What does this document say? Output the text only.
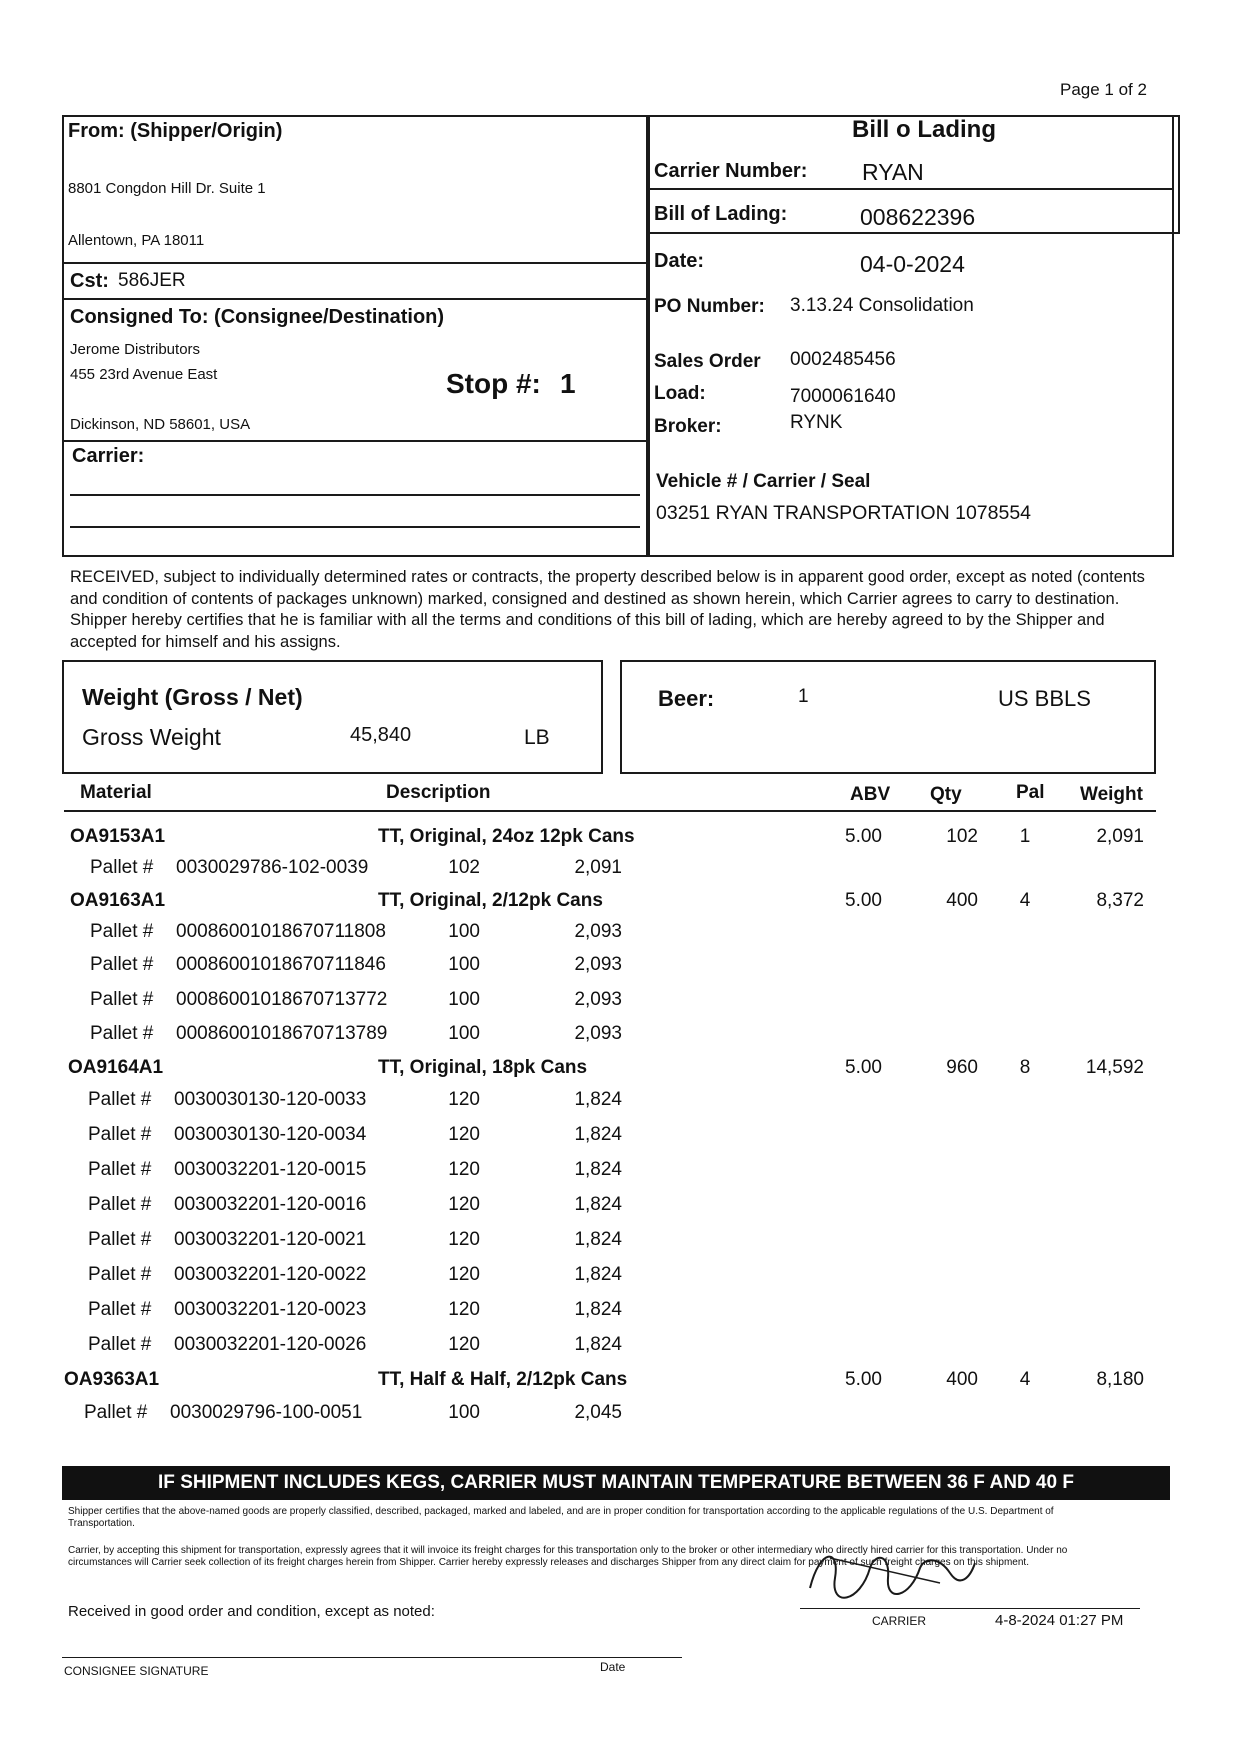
Page 1 of 2
From: (Shipper/Origin)
8801 Congdon Hill Dr. Suite 1
Allentown, PA 18011
Cst: 586JER
Consigned To: (Consignee/Destination)
Jerome Distributors
455 23rd Avenue East
Dickinson, ND 58601, USA
Stop #: 1
Carrier:
Bill o Lading
Carrier Number: RYAN
Bill of Lading:	008622396
Date:	04-0-2024
PO Number: 3.13.24 Consolidation
Sales Order 0002485456
Load:	7000061640
Broker:	RYNK
Vehicle # / Carrier / Seal
03251 RYAN TRANSPORTATION 1078554
RECEIVED, subject to individually determined rates or contracts, the property described below is in apparent good order, except as noted (contents and condition of contents of packages unknown) marked, consigned and destined as shown herein, which Carrier agrees to carry to destination. Shipper hereby certifies that he is familiar with all the terms and conditions of this bill of lading, which are hereby agreed to by the Shipper and accepted for himself and his assigns.
Weight (Gross / Net)
Gross Weight	45,840	LB
Beer:	1	US BBLS
Material	Description	ABV Qty	Pal Weight
OA9153A1	TT, Original, 24oz 12pk Cans	5.00	102	1	2,091
Pallet # 0030029786-102-0039	102	2,091
OA9163A1	TT, Original, 2/12pk Cans	5.00	400	4	8,372
Pallet # 00086001018670711808	100	2,093
Pallet # 00086001018670711846	100	2,093
Pallet # 00086001018670713772	100	2,093
Pallet # 00086001018670713789	100	2,093
OA9164A1	TT, Original, 18pk Cans	5.00	960	8	14,592
Pallet # 0030030130-120-0033	120	1,824
Pallet # 0030030130-120-0034	120	1,824
Pallet # 0030032201-120-0015	120	1,824
Pallet # 0030032201-120-0016	120	1,824
Pallet # 0030032201-120-0021	120	1,824
Pallet # 0030032201-120-0022	120	1,824
Pallet # 0030032201-120-0023	120	1,824
Pallet # 0030032201-120-0026	120	1,824
OA9363A1	TT, Half & Half, 2/12pk Cans	5.00	400	4	8,180
Pallet # 0030029796-100-0051	100	2,045
IF SHIPMENT INCLUDES KEGS, CARRIER MUST MAINTAIN TEMPERATURE BETWEEN 36 F AND 40 F
Shipper certifies that the above-named goods are properly classified, described, packaged, marked and labeled, and are in proper condition for transportation according to the applicable regulations of the U.S. Department of Transportation.
Carrier, by accepting this shipment for transportation, expressly agrees that it will invoice its freight charges for this transportation only to the broker or other intermediary who directly hired carrier for this transportation. Under no circumstances will Carrier seek collection of its freight charges herein from Shipper. Carrier hereby expressly releases and discharges Shipper from any direct claim for payment of such freight charges on this shipment.
Received in good order and condition, except as noted:
CARRIER	4-8-2024 01:27 PM
CONSIGNEE SIGNATURE	Date
